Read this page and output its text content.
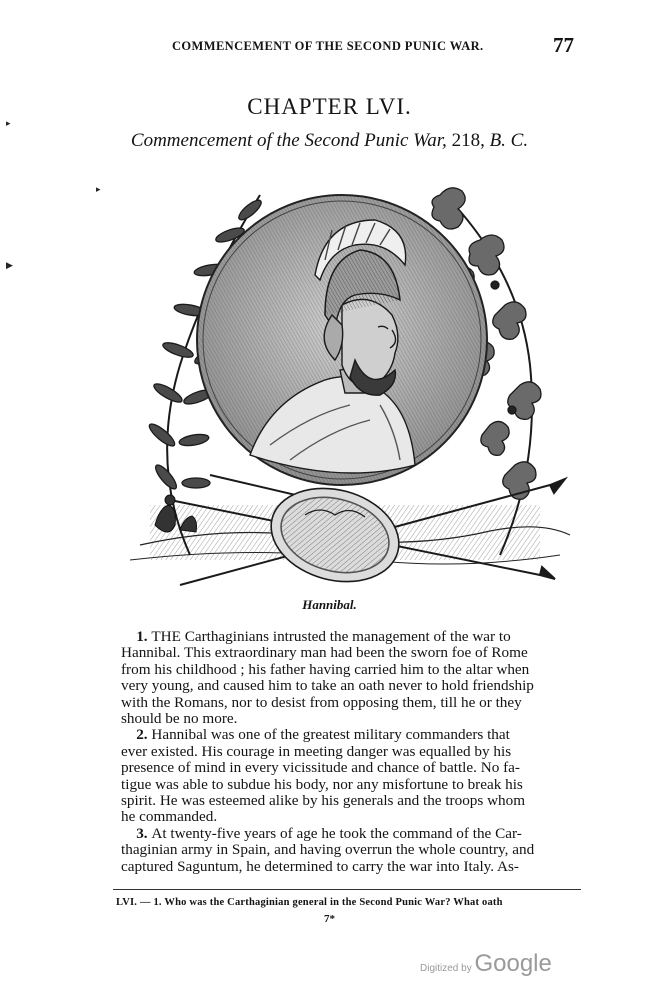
COMMENCEMENT OF THE SECOND PUNIC WAR.	77
CHAPTER LVI.
Commencement of the Second Punic War, 218, B. C.
Hannibal.

1. THE Carthaginians intrusted the management of the war to
Hannibal. This extraordinary man had been the sworn foe of Rome
from his childhood ; his father having carried him to the altar when
very young, and caused him to take an oath never to hold friendship
with the Romans, nor to desist from opposing them, till he or they
should be no more.

2. Hannibal was one of the greatest military commanders that
ever existed. His courage in meeting danger was equalled by his
presence of mind in every vicissitude and chance of battle. No fa-
tigue was able to subdue his body, nor any misfortune to break his
spirit. He was esteemed alike by his generals and the troops whom
he commanded.

3. At twenty-five years of age he took the command of the Car-
thaginian army in Spain, and having overrun the whole country, and
captured Saguntum, he determined to carry the war into Italy. As-

LVI. — 1. Who was the Carthaginian general in the Second Punic War? What oath
7*
Digitized by Google
▸
▸
▶
